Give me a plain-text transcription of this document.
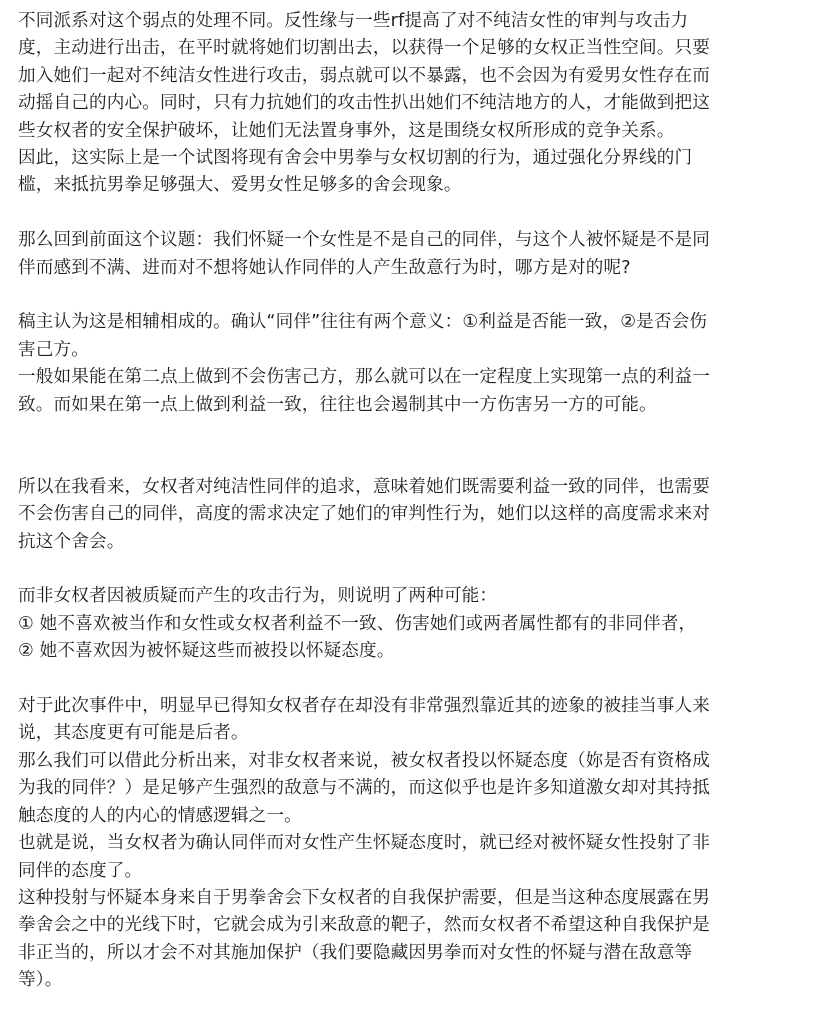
不同派系对这个弱点的处理不同。反性缘与一些rf提高了对不纯洁女性的审判与攻击力
度，主动进行出击，在平时就将她们切割出去，以获得一个足够的女权正当性空间。只要
加入她们一起对不纯洁女性进行攻击，弱点就可以不暴露，也不会因为有爱男女性存在而
动摇自己的内心。同时，只有力抗她们的攻击性扒出她们不纯洁地方的人，才能做到把这
些女权者的安全保护破坏，让她们无法置身事外，这是围绕女权所形成的竞争关系。
因此，这实际上是一个试图将现有舍会中男拳与女权切割的行为，通过强化分界线的门
槛，来抵抗男拳足够强大、爱男女性足够多的舍会现象。
那么回到前面这个议题：我们怀疑一个女性是不是自己的同伴，与这个人被怀疑是不是同
伴而感到不满、进而对不想将她认作同伴的人产生敌意行为时，哪方是对的呢?
稿主认为这是相辅相成的。确认“同伴”往往有两个意义：①利益是否能一致，②是否会伤
害己方。
一般如果能在第二点上做到不会伤害己方，那么就可以在一定程度上实现第一点的利益一
致。而如果在第一点上做到利益一致，往往也会遏制其中一方伤害另一方的可能。
所以在我看来，女权者对纯洁性同伴的追求，意味着她们既需要利益一致的同伴，也需要
不会伤害自己的同伴，高度的需求决定了她们的审判性行为，她们以这样的高度需求来对
抗这个舍会。
而非女权者因被质疑而产生的攻击行为，则说明了两种可能：
① 她不喜欢被当作和女性或女权者利益不一致、伤害她们或两者属性都有的非同伴者，
② 她不喜欢因为被怀疑这些而被投以怀疑态度。
对于此次事件中，明显早已得知女权者存在却没有非常强烈靠近其的迹象的被挂当事人来
说，其态度更有可能是后者。
那么我们可以借此分析出来，对非女权者来说，被女权者投以怀疑态度（妳是否有资格成
为我的同伴？）是足够产生强烈的敌意与不满的，而这似乎也是许多知道激女却对其持抵
触态度的人的内心的情感逻辑之一。
也就是说，当女权者为确认同伴而对女性产生怀疑态度时，就已经对被怀疑女性投射了非
同伴的态度了。
这种投射与怀疑本身来自于男拳舍会下女权者的自我保护需要，但是当这种态度展露在男
拳舍会之中的光线下时，它就会成为引来敌意的靶子，然而女权者不希望这种自我保护是
非正当的，所以才会不对其施加保护（我们要隐藏因男拳而对女性的怀疑与潜在敌意等
等）。
